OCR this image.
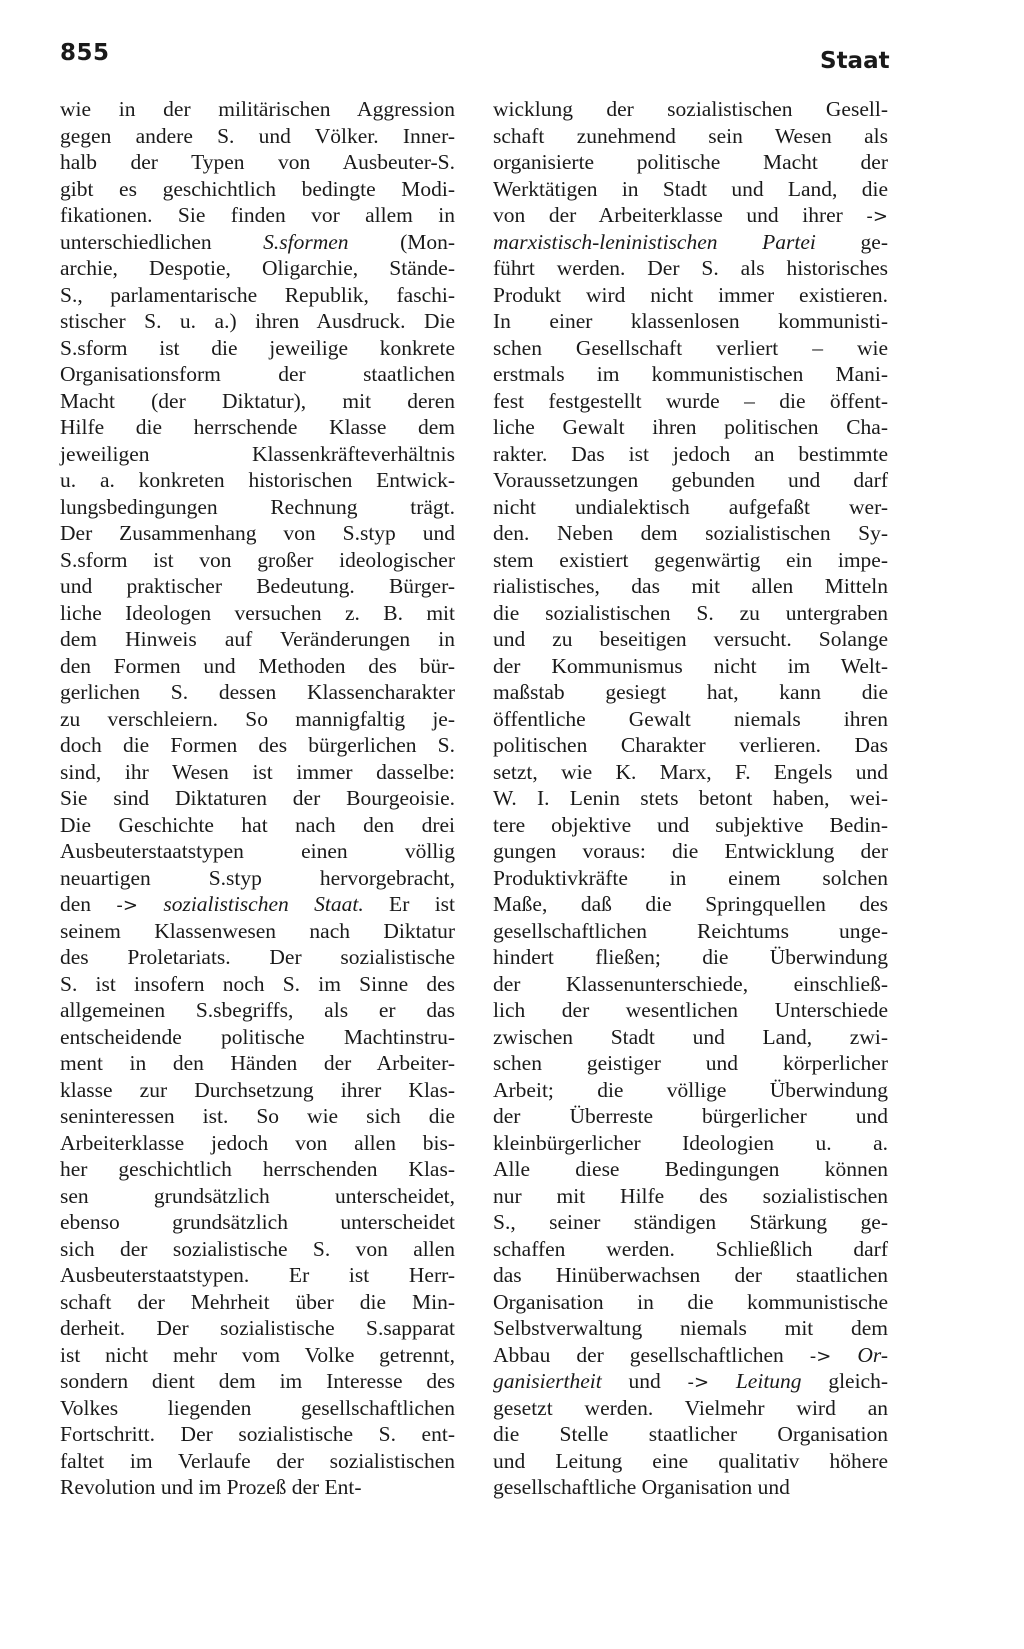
855	Staat
wie in der militärischen Aggression
gegen andere S. und Völker. Inner-
halb der Typen von Ausbeuter-S.
gibt es geschichtlich bedingte Modi-
fikationen. Sie finden vor allem in
unterschiedlichen S.sformen (Mon-
archie, Despotie, Oligarchie, Stände-
S., parlamentarische Republik, faschi-
stischer S. u. a.) ihren Ausdruck. Die
S.sform ist die jeweilige konkrete
Organisationsform der staatlichen
Macht (der Diktatur), mit deren
Hilfe die herrschende Klasse dem
jeweiligen Klassenkräfteverhältnis
u. a. konkreten historischen Entwick-
lungsbedingungen Rechnung trägt.
Der Zusammenhang von S.styp und
S.sform ist von großer ideologischer
und praktischer Bedeutung. Bürger-
liche Ideologen versuchen z. B. mit
dem Hinweis auf Veränderungen in
den Formen und Methoden des bür-
gerlichen S. dessen Klassencharakter
zu verschleiern. So mannigfaltig je-
doch die Formen des bürgerlichen S.
sind, ihr Wesen ist immer dasselbe:
Sie sind Diktaturen der Bourgeoisie.
Die Geschichte hat nach den drei
Ausbeuterstaatstypen einen völlig
neuartigen S.styp hervorgebracht,
den -> sozialistischen Staat. Er ist
seinem Klassenwesen nach Diktatur
des Proletariats. Der sozialistische
S. ist insofern noch S. im Sinne des
allgemeinen S.sbegriffs, als er das
entscheidende politische Machtinstru-
ment in den Händen der Arbeiter-
klasse zur Durchsetzung ihrer Klas-
seninteressen ist. So wie sich die
Arbeiterklasse jedoch von allen bis-
her geschichtlich herrschenden Klas-
sen grundsätzlich unterscheidet,
ebenso grundsätzlich unterscheidet
sich der sozialistische S. von allen
Ausbeuterstaatstypen. Er ist Herr-
schaft der Mehrheit über die Min-
derheit. Der sozialistische S.sapparat
ist nicht mehr vom Volke getrennt,
sondern dient dem im Interesse des
Volkes liegenden gesellschaftlichen
Fortschritt. Der sozialistische S. ent-
faltet im Verlaufe der sozialistischen
Revolution und im Prozeß der Ent-
wicklung der sozialistischen Gesell-
schaft zunehmend sein Wesen als
organisierte politische Macht der
Werktätigen in Stadt und Land, die
von der Arbeiterklasse und ihrer ->
marxistisch-leninistischen Partei ge-
führt werden. Der S. als historisches
Produkt wird nicht immer existieren.
In einer klassenlosen kommunisti-
schen Gesellschaft verliert – wie
erstmals im kommunistischen Mani-
fest festgestellt wurde – die öffent-
liche Gewalt ihren politischen Cha-
rakter. Das ist jedoch an bestimmte
Voraussetzungen gebunden und darf
nicht undialektisch aufgefaßt wer-
den. Neben dem sozialistischen Sy-
stem existiert gegenwärtig ein impe-
rialistisches, das mit allen Mitteln
die sozialistischen S. zu untergraben
und zu beseitigen versucht. Solange
der Kommunismus nicht im Welt-
maßstab gesiegt hat, kann die
öffentliche Gewalt niemals ihren
politischen Charakter verlieren. Das
setzt, wie K. Marx, F. Engels und
W. I. Lenin stets betont haben, wei-
tere objektive und subjektive Bedin-
gungen voraus: die Entwicklung der
Produktivkräfte in einem solchen
Maße, daß die Springquellen des
gesellschaftlichen Reichtums unge-
hindert fließen; die Überwindung
der Klassenunterschiede, einschließ-
lich der wesentlichen Unterschiede
zwischen Stadt und Land, zwi-
schen geistiger und körperlicher
Arbeit; die völlige Überwindung
der Überreste bürgerlicher und
kleinbürgerlicher Ideologien u. a.
Alle diese Bedingungen können
nur mit Hilfe des sozialistischen
S., seiner ständigen Stärkung ge-
schaffen werden. Schließlich darf
das Hinüberwachsen der staatlichen
Organisation in die kommunistische
Selbstverwaltung niemals mit dem
Abbau der gesellschaftlichen -> Or-
ganisiertheit und -> Leitung gleich-
gesetzt werden. Vielmehr wird an
die Stelle staatlicher Organisation
und Leitung eine qualitativ höhere
gesellschaftliche Organisation und
